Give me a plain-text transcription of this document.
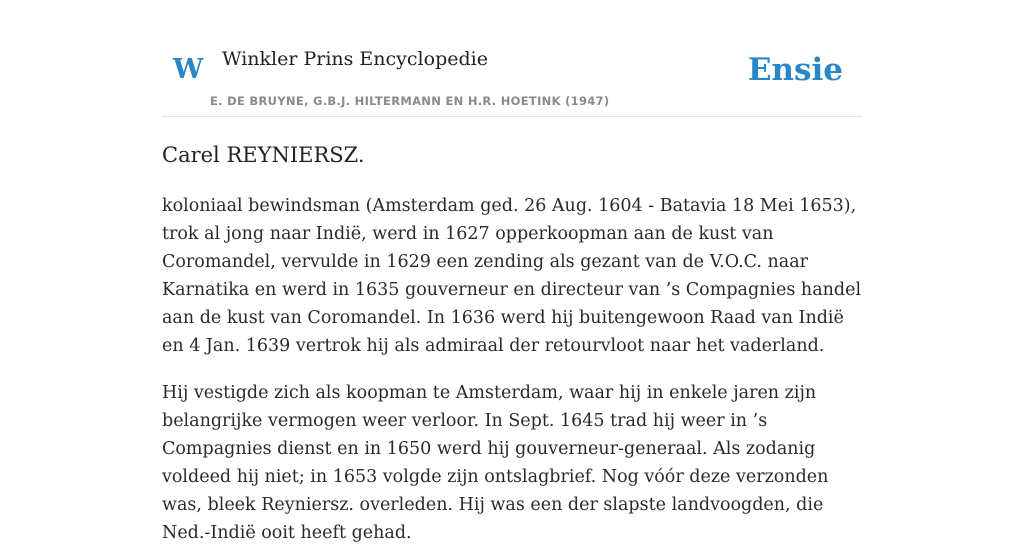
W Winkler Prins Encyclopedie
E. DE BRUYNE, G.B.J. HILTERMANN EN H.R. HOETINK (1947)
Ensie
Carel REYNIERSZ.

koloniaal bewindsman (Amsterdam ged. 26 Aug. 1604 - Batavia 18 Mei 1653), trok al jong naar Indië, werd in 1627 opperkoopman aan de kust van Coromandel, vervulde in 1629 een zending als gezant van de V.O.C. naar Karnatika en werd in 1635 gouverneur en directeur van ’s Compagnies handel aan de kust van Coromandel. In 1636 werd hij buitengewoon Raad van Indië en 4 Jan. 1639 vertrok hij als admiraal der retourvloot naar het vaderland.

Hij vestigde zich als koopman te Amsterdam, waar hij in enkele jaren zijn belangrijke vermogen weer verloor. In Sept. 1645 trad hij weer in ’s Compagnies dienst en in 1650 werd hij gouverneur-generaal. Als zodanig voldeed hij niet; in 1653 volgde zijn ontslagbrief. Nog vóór deze verzonden was, bleek Reyniersz. overleden. Hij was een der slapste landvoogden, die Ned.-Indië ooit heeft gehad.
